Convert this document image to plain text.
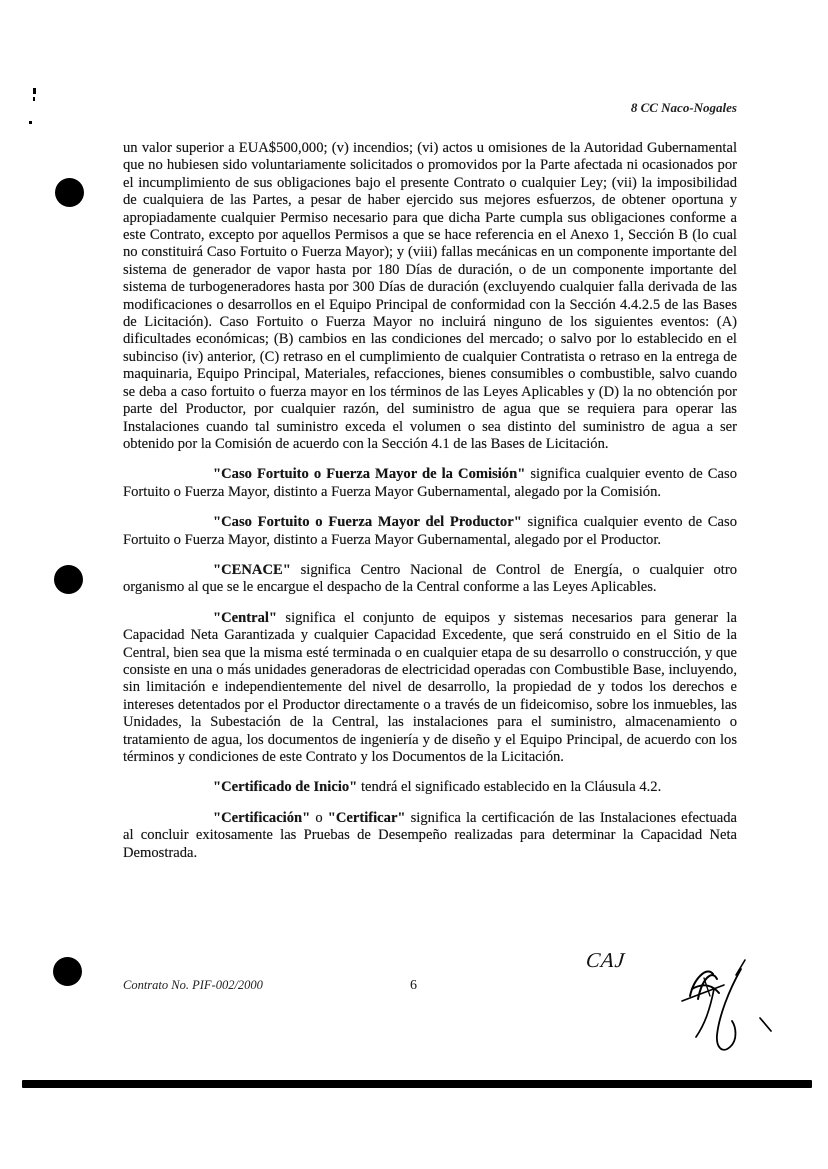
8 CC Naco-Nogales

un valor superior a EUA$500,000; (v) incendios; (vi) actos u omisiones de la Autoridad Gubernamental que no hubiesen sido voluntariamente solicitados o promovidos por la Parte afectada ni ocasionados por el incumplimiento de sus obligaciones bajo el presente Contrato o cualquier Ley; (vii) la imposibilidad de cualquiera de las Partes, a pesar de haber ejercido sus mejores esfuerzos, de obtener oportuna y apropiadamente cualquier Permiso necesario para que dicha Parte cumpla sus obligaciones conforme a este Contrato, excepto por aquellos Permisos a que se hace referencia en el Anexo 1, Sección B (lo cual no constituirá Caso Fortuito o Fuerza Mayor); y (viii) fallas mecánicas en un componente importante del sistema de generador de vapor hasta por 180 Días de duración, o de un componente importante del sistema de turbogeneradores hasta por 300 Días de duración (excluyendo cualquier falla derivada de las modificaciones o desarrollos en el Equipo Principal de conformidad con la Sección 4.4.2.5 de las Bases de Licitación). Caso Fortuito o Fuerza Mayor no incluirá ninguno de los siguientes eventos: (A) dificultades económicas; (B) cambios en las condiciones del mercado; o salvo por lo establecido en el subinciso (iv) anterior, (C) retraso en el cumplimiento de cualquier Contratista o retraso en la entrega de maquinaria, Equipo Principal, Materiales, refacciones, bienes consumibles o combustible, salvo cuando se deba a caso fortuito o fuerza mayor en los términos de las Leyes Aplicables y (D) la no obtención por parte del Productor, por cualquier razón, del suministro de agua que se requiera para operar las Instalaciones cuando tal suministro exceda el volumen o sea distinto del suministro de agua a ser obtenido por la Comisión de acuerdo con la Sección 4.1 de las Bases de Licitación.

"Caso Fortuito o Fuerza Mayor de la Comisión" significa cualquier evento de Caso Fortuito o Fuerza Mayor, distinto a Fuerza Mayor Gubernamental, alegado por la Comisión.

"Caso Fortuito o Fuerza Mayor del Productor" significa cualquier evento de Caso Fortuito o Fuerza Mayor, distinto a Fuerza Mayor Gubernamental, alegado por el Productor.

"CENACE" significa Centro Nacional de Control de Energía, o cualquier otro organismo al que se le encargue el despacho de la Central conforme a las Leyes Aplicables.

"Central" significa el conjunto de equipos y sistemas necesarios para generar la Capacidad Neta Garantizada y cualquier Capacidad Excedente, que será construido en el Sitio de la Central, bien sea que la misma esté terminada o en cualquier etapa de su desarrollo o construcción, y que consiste en una o más unidades generadoras de electricidad operadas con Combustible Base, incluyendo, sin limitación e independientemente del nivel de desarrollo, la propiedad de y todos los derechos e intereses detentados por el Productor directamente o a través de un fideicomiso, sobre los inmuebles, las Unidades, la Subestación de la Central, las instalaciones para el suministro, almacenamiento o tratamiento de agua, los documentos de ingeniería y de diseño y el Equipo Principal, de acuerdo con los términos y condiciones de este Contrato y los Documentos de la Licitación.

"Certificado de Inicio" tendrá el significado establecido en la Cláusula 4.2.

"Certificación" o "Certificar" significa la certificación de las Instalaciones efectuada al concluir exitosamente las Pruebas de Desempeño realizadas para determinar la Capacidad Neta Demostrada.

CAJ
Contrato No. PIF-002/2000	6
